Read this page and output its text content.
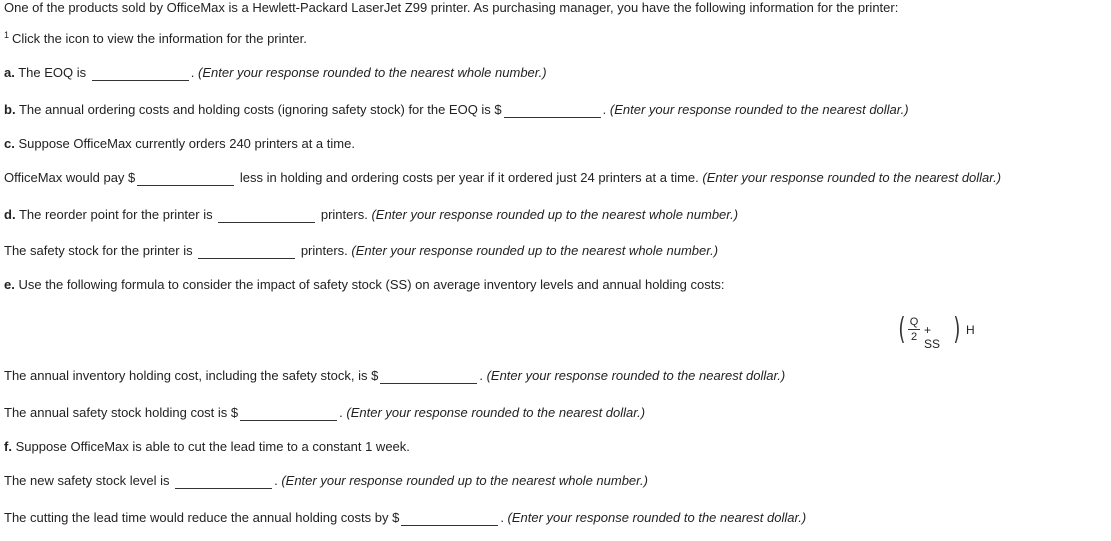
One of the products sold by OfficeMax is a Hewlett-Packard LaserJet Z99 printer. As purchasing manager, you have the following information for the printer:
$^1$ Click the icon to view the information for the printer.
a. The EOQ is	. (Enter your response rounded to the nearest whole number.)
b. The annual ordering costs and holding costs (ignoring safety stock) for the EOQ is $	. (Enter your response rounded to the nearest dollar.)
c. Suppose OfficeMax currently orders 240 printers at a time.
OfficeMax would pay $	less in holding and ordering costs per year if it ordered just 24 printers at a time. (Enter your response rounded to the nearest dollar.)
d. The reorder point for the printer is	printers. (Enter your response rounded up to the nearest whole number.)
The safety stock for the printer is	printers. (Enter your response rounded up to the nearest whole number.)
e. Use the following formula to consider the impact of safety stock (SS) on average inventory levels and annual holding costs:
( Q
2 + SS ) H
The annual inventory holding cost, including the safety stock, is $	. (Enter your response rounded to the nearest dollar.)
The annual safety stock holding cost is $	. (Enter your response rounded to the nearest dollar.)
f. Suppose OfficeMax is able to cut the lead time to a constant 1 week.
The new safety stock level is	. (Enter your response rounded up to the nearest whole number.)
The cutting the lead time would reduce the annual holding costs by $	. (Enter your response rounded to the nearest dollar.)
